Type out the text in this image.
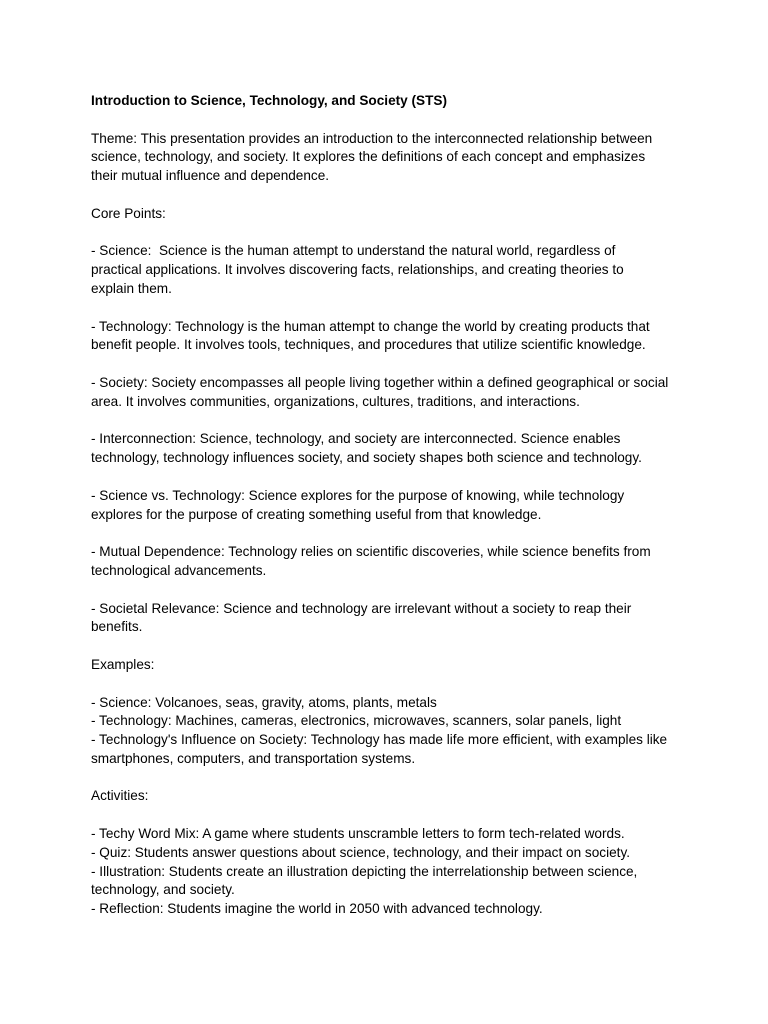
Introduction to Science, Technology, and Society (STS)
Theme: This presentation provides an introduction to the interconnected relationship between
science, technology, and society. It explores the definitions of each concept and emphasizes
their mutual influence and dependence.
Core Points:
- Science:  Science is the human attempt to understand the natural world, regardless of
practical applications. It involves discovering facts, relationships, and creating theories to
explain them.
- Technology: Technology is the human attempt to change the world by creating products that
benefit people. It involves tools, techniques, and procedures that utilize scientific knowledge.
- Society: Society encompasses all people living together within a defined geographical or social
area. It involves communities, organizations, cultures, traditions, and interactions.
- Interconnection: Science, technology, and society are interconnected. Science enables
technology, technology influences society, and society shapes both science and technology.
- Science vs. Technology: Science explores for the purpose of knowing, while technology
explores for the purpose of creating something useful from that knowledge.
- Mutual Dependence: Technology relies on scientific discoveries, while science benefits from
technological advancements.
- Societal Relevance: Science and technology are irrelevant without a society to reap their
benefits.
Examples:
- Science: Volcanoes, seas, gravity, atoms, plants, metals
- Technology: Machines, cameras, electronics, microwaves, scanners, solar panels, light
- Technology's Influence on Society: Technology has made life more efficient, with examples like
smartphones, computers, and transportation systems.
Activities:
- Techy Word Mix: A game where students unscramble letters to form tech-related words.
- Quiz: Students answer questions about science, technology, and their impact on society.
- Illustration: Students create an illustration depicting the interrelationship between science,
technology, and society.
- Reflection: Students imagine the world in 2050 with advanced technology.
